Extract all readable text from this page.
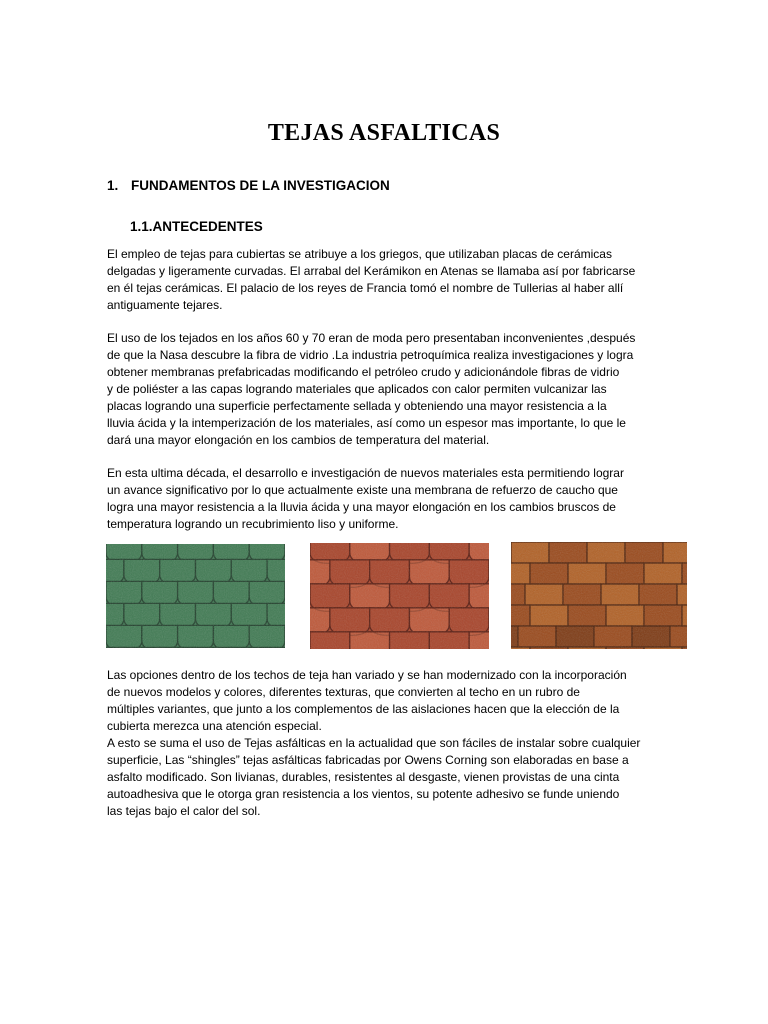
TEJAS ASFALTICAS
1. FUNDAMENTOS DE LA INVESTIGACION
1.1.ANTECEDENTES

El empleo de tejas para cubiertas se atribuye a los griegos, que utilizaban placas de cerámicas
delgadas y ligeramente curvadas. El arrabal del Kerámikon en Atenas se llamaba así por fabricarse
en él tejas cerámicas. El palacio de los reyes de Francia tomó el nombre de Tullerias al haber allí
antiguamente tejares.

El uso de los tejados en los años 60 y 70 eran de moda pero presentaban inconvenientes ,después
de que la Nasa descubre la fibra de vidrio .La industria petroquímica realiza investigaciones y logra
obtener membranas prefabricadas modificando el petróleo crudo y adicionándole fibras de vidrio
y de poliéster a las capas logrando materiales que aplicados con calor permiten vulcanizar las
placas logrando una superficie perfectamente sellada y obteniendo una mayor resistencia a la
lluvia ácida y la intemperización de los materiales, así como un espesor mas importante, lo que le
dará una mayor elongación en los cambios de temperatura del material.

En esta ultima década, el desarrollo e investigación de nuevos materiales esta permitiendo lograr
un avance significativo por lo que actualmente existe una membrana de refuerzo de caucho que
logra una mayor resistencia a la lluvia ácida y una mayor elongación en los cambios bruscos de
temperatura logrando un recubrimiento liso y uniforme.

Las opciones dentro de los techos de teja han variado y se han modernizado con la incorporación
de nuevos modelos y colores, diferentes texturas, que convierten al techo en un rubro de
múltiples variantes, que junto a los complementos de las aislaciones hacen que la elección de la
cubierta merezca una atención especial.
A esto se suma el uso de Tejas asfálticas en la actualidad que son fáciles de instalar sobre cualquier
superficie, Las “shingles” tejas asfálticas fabricadas por Owens Corning son elaboradas en base a
asfalto modificado. Son livianas, durables, resistentes al desgaste, vienen provistas de una cinta
autoadhesiva que le otorga gran resistencia a los vientos, su potente adhesivo se funde uniendo
las tejas bajo el calor del sol.
